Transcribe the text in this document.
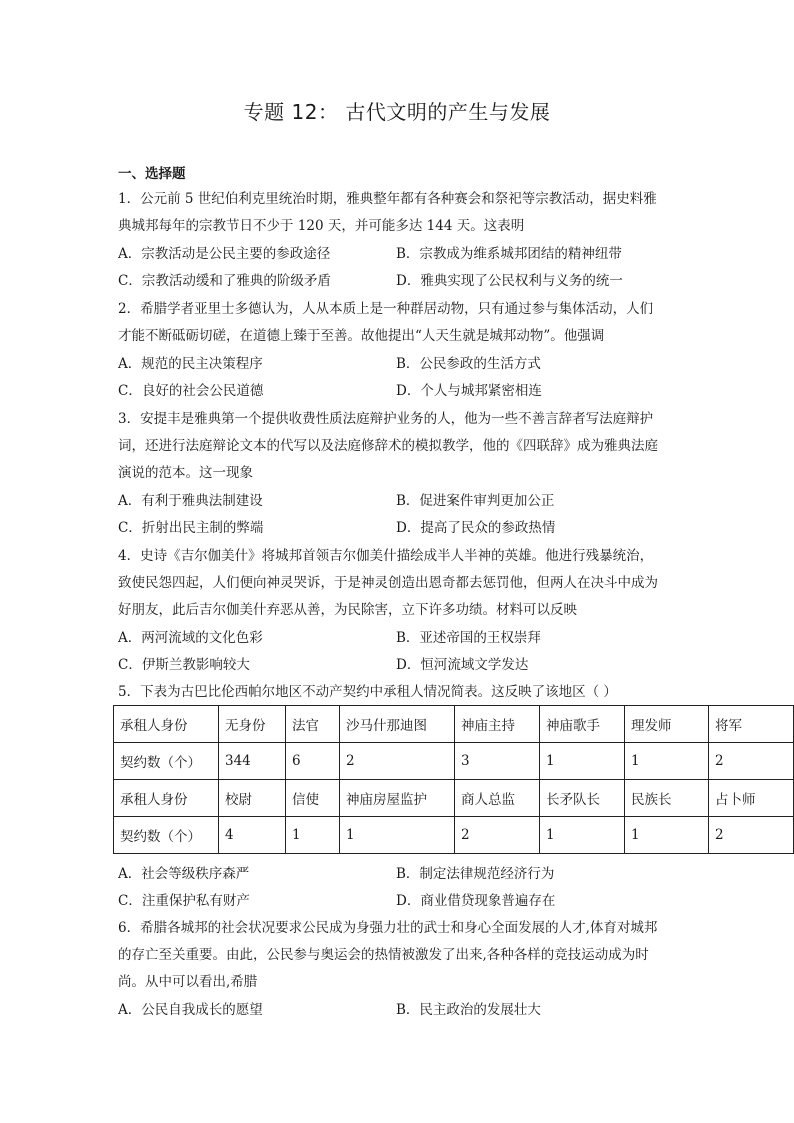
专题 12： 古代文明的产生与发展
一、选择题
1．公元前 5 世纪伯利克里统治时期，雅典整年都有各种赛会和祭祀等宗教活动，据史料雅
典城邦每年的宗教节日不少于 120 天，并可能多达 144 天。这表明
A．宗教活动是公民主要的参政途径	B．宗教成为维系城邦团结的精神纽带
C．宗教活动缓和了雅典的阶级矛盾	D．雅典实现了公民权利与义务的统一
2．希腊学者亚里士多德认为，人从本质上是一种群居动物，只有通过参与集体活动，人们
才能不断砥砺切磋，在道德上臻于至善。故他提出“人天生就是城邦动物”。他强调
A．规范的民主决策程序	B．公民参政的生活方式
C．良好的社会公民道德	D．个人与城邦紧密相连
3．安提丰是雅典第一个提供收费性质法庭辩护业务的人，他为一些不善言辞者写法庭辩护
词，还进行法庭辩论文本的代写以及法庭修辞术的模拟教学，他的《四联辞》成为雅典法庭
演说的范本。这一现象
A．有利于雅典法制建设	B．促进案件审判更加公正
C．折射出民主制的弊端	D．提高了民众的参政热情
4．史诗《吉尔伽美什》将城邦首领吉尔伽美什描绘成半人半神的英雄。他进行残暴统治，
致使民怨四起，人们便向神灵哭诉，于是神灵创造出恩奇都去惩罚他，但两人在决斗中成为
好朋友，此后吉尔伽美什弃恶从善，为民除害，立下许多功绩。材料可以反映
A．两河流域的文化色彩	B．亚述帝国的王权崇拜
C．伊斯兰教影响较大	D．恒河流域文学发达
5．下表为古巴比伦西帕尔地区不动产契约中承租人情况简表。这反映了该地区（ ）
承租人身份	无身份	法官	沙马什那迪图	神庙主持	神庙歌手	理发师	将军
契约数（个）	344	6	2	3	1	1	2
承租人身份	校尉	信使	神庙房屋监护	商人总监	长矛队长	民族长	占卜师
契约数（个）	4	1	1	2	1	1	2
A．社会等级秩序森严	B．制定法律规范经济行为
C．注重保护私有财产	D．商业借贷现象普遍存在
6．希腊各城邦的社会状况要求公民成为身强力壮的武士和身心全面发展的人才,体育对城邦
的存亡至关重要。由此，公民参与奥运会的热情被激发了出来,各种各样的竞技运动成为时
尚。从中可以看出,希腊
A．公民自我成长的愿望	B．民主政治的发展壮大
